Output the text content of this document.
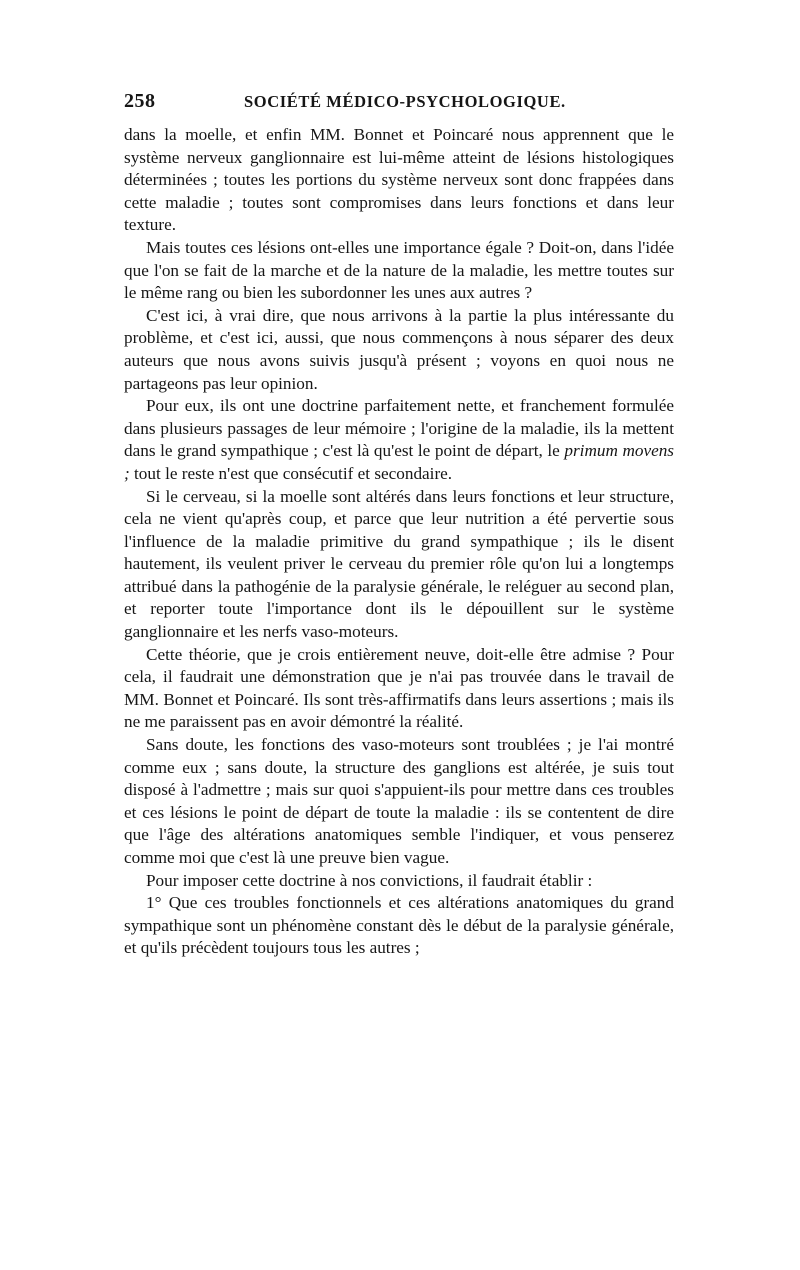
258	SOCIÉTÉ MÉDICO-PSYCHOLOGIQUE.

dans la moelle, et enfin MM. Bonnet et Poincaré nous apprennent que le système nerveux ganglionnaire est lui-même atteint de lésions histologiques déterminées ; toutes les portions du système nerveux sont donc frappées dans cette maladie ; toutes sont compromises dans leurs fonctions et dans leur texture.

Mais toutes ces lésions ont-elles une importance égale ? Doit-on, dans l'idée que l'on se fait de la marche et de la nature de la maladie, les mettre toutes sur le même rang ou bien les subordonner les unes aux autres ?

C'est ici, à vrai dire, que nous arrivons à la partie la plus intéressante du problème, et c'est ici, aussi, que nous commençons à nous séparer des deux auteurs que nous avons suivis jusqu'à présent ; voyons en quoi nous ne partageons pas leur opinion.

Pour eux, ils ont une doctrine parfaitement nette, et franchement formulée dans plusieurs passages de leur mémoire ; l'origine de la maladie, ils la mettent dans le grand sympathique ; c'est là qu'est le point de départ, le primum movens ; tout le reste n'est que consécutif et secondaire.

Si le cerveau, si la moelle sont altérés dans leurs fonctions et leur structure, cela ne vient qu'après coup, et parce que leur nutrition a été pervertie sous l'influence de la maladie primitive du grand sympathique ; ils le disent hautement, ils veulent priver le cerveau du premier rôle qu'on lui a longtemps attribué dans la pathogénie de la paralysie générale, le reléguer au second plan, et reporter toute l'importance dont ils le dépouillent sur le système ganglionnaire et les nerfs vaso-moteurs.

Cette théorie, que je crois entièrement neuve, doit-elle être admise ? Pour cela, il faudrait une démonstration que je n'ai pas trouvée dans le travail de MM. Bonnet et Poincaré. Ils sont très-affirmatifs dans leurs assertions ; mais ils ne me paraissent pas en avoir démontré la réalité.

Sans doute, les fonctions des vaso-moteurs sont troublées ; je l'ai montré comme eux ; sans doute, la structure des ganglions est altérée, je suis tout disposé à l'admettre ; mais sur quoi s'appuient-ils pour mettre dans ces troubles et ces lésions le point de départ de toute la maladie : ils se contentent de dire que l'âge des altérations anatomiques semble l'indiquer, et vous penserez comme moi que c'est là une preuve bien vague.

Pour imposer cette doctrine à nos convictions, il faudrait établir :

1° Que ces troubles fonctionnels et ces altérations anatomiques du grand sympathique sont un phénomène constant dès le début de la paralysie générale, et qu'ils précèdent toujours tous les autres ;
